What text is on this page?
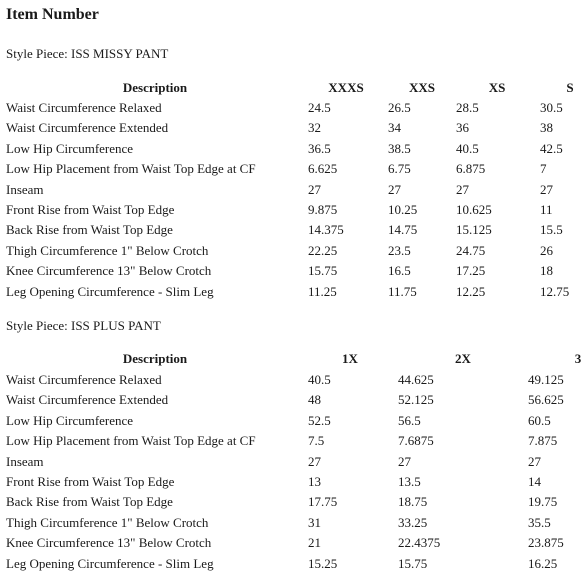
Item Number
Style Piece: ISS MISSY PANT
Description	XXXS	XXS	XS	S
Waist Circumference Relaxed	24.5	26.5	28.5	30.5
Waist Circumference Extended	32	34	36	38
Low Hip Circumference	36.5	38.5	40.5	42.5
Low Hip Placement from Waist Top Edge at CF	6.625	6.75	6.875	7
Inseam	27	27	27	27
Front Rise from Waist Top Edge	9.875	10.25	10.625	11
Back Rise from Waist Top Edge	14.375	14.75	15.125	15.5
Thigh Circumference 1" Below Crotch	22.25	23.5	24.75	26
Knee Circumference 13" Below Crotch	15.75	16.5	17.25	18
Leg Opening Circumference - Slim Leg	11.25	11.75	12.25	12.75
Style Piece: ISS PLUS PANT
Description	1X	2X	3
Waist Circumference Relaxed	40.5	44.625	49.125
Waist Circumference Extended	48	52.125	56.625
Low Hip Circumference	52.5	56.5	60.5
Low Hip Placement from Waist Top Edge at CF	7.5	7.6875	7.875
Inseam	27	27	27
Front Rise from Waist Top Edge	13	13.5	14
Back Rise from Waist Top Edge	17.75	18.75	19.75
Thigh Circumference 1" Below Crotch	31	33.25	35.5
Knee Circumference 13" Below Crotch	21	22.4375	23.875
Leg Opening Circumference - Slim Leg	15.25	15.75	16.25
